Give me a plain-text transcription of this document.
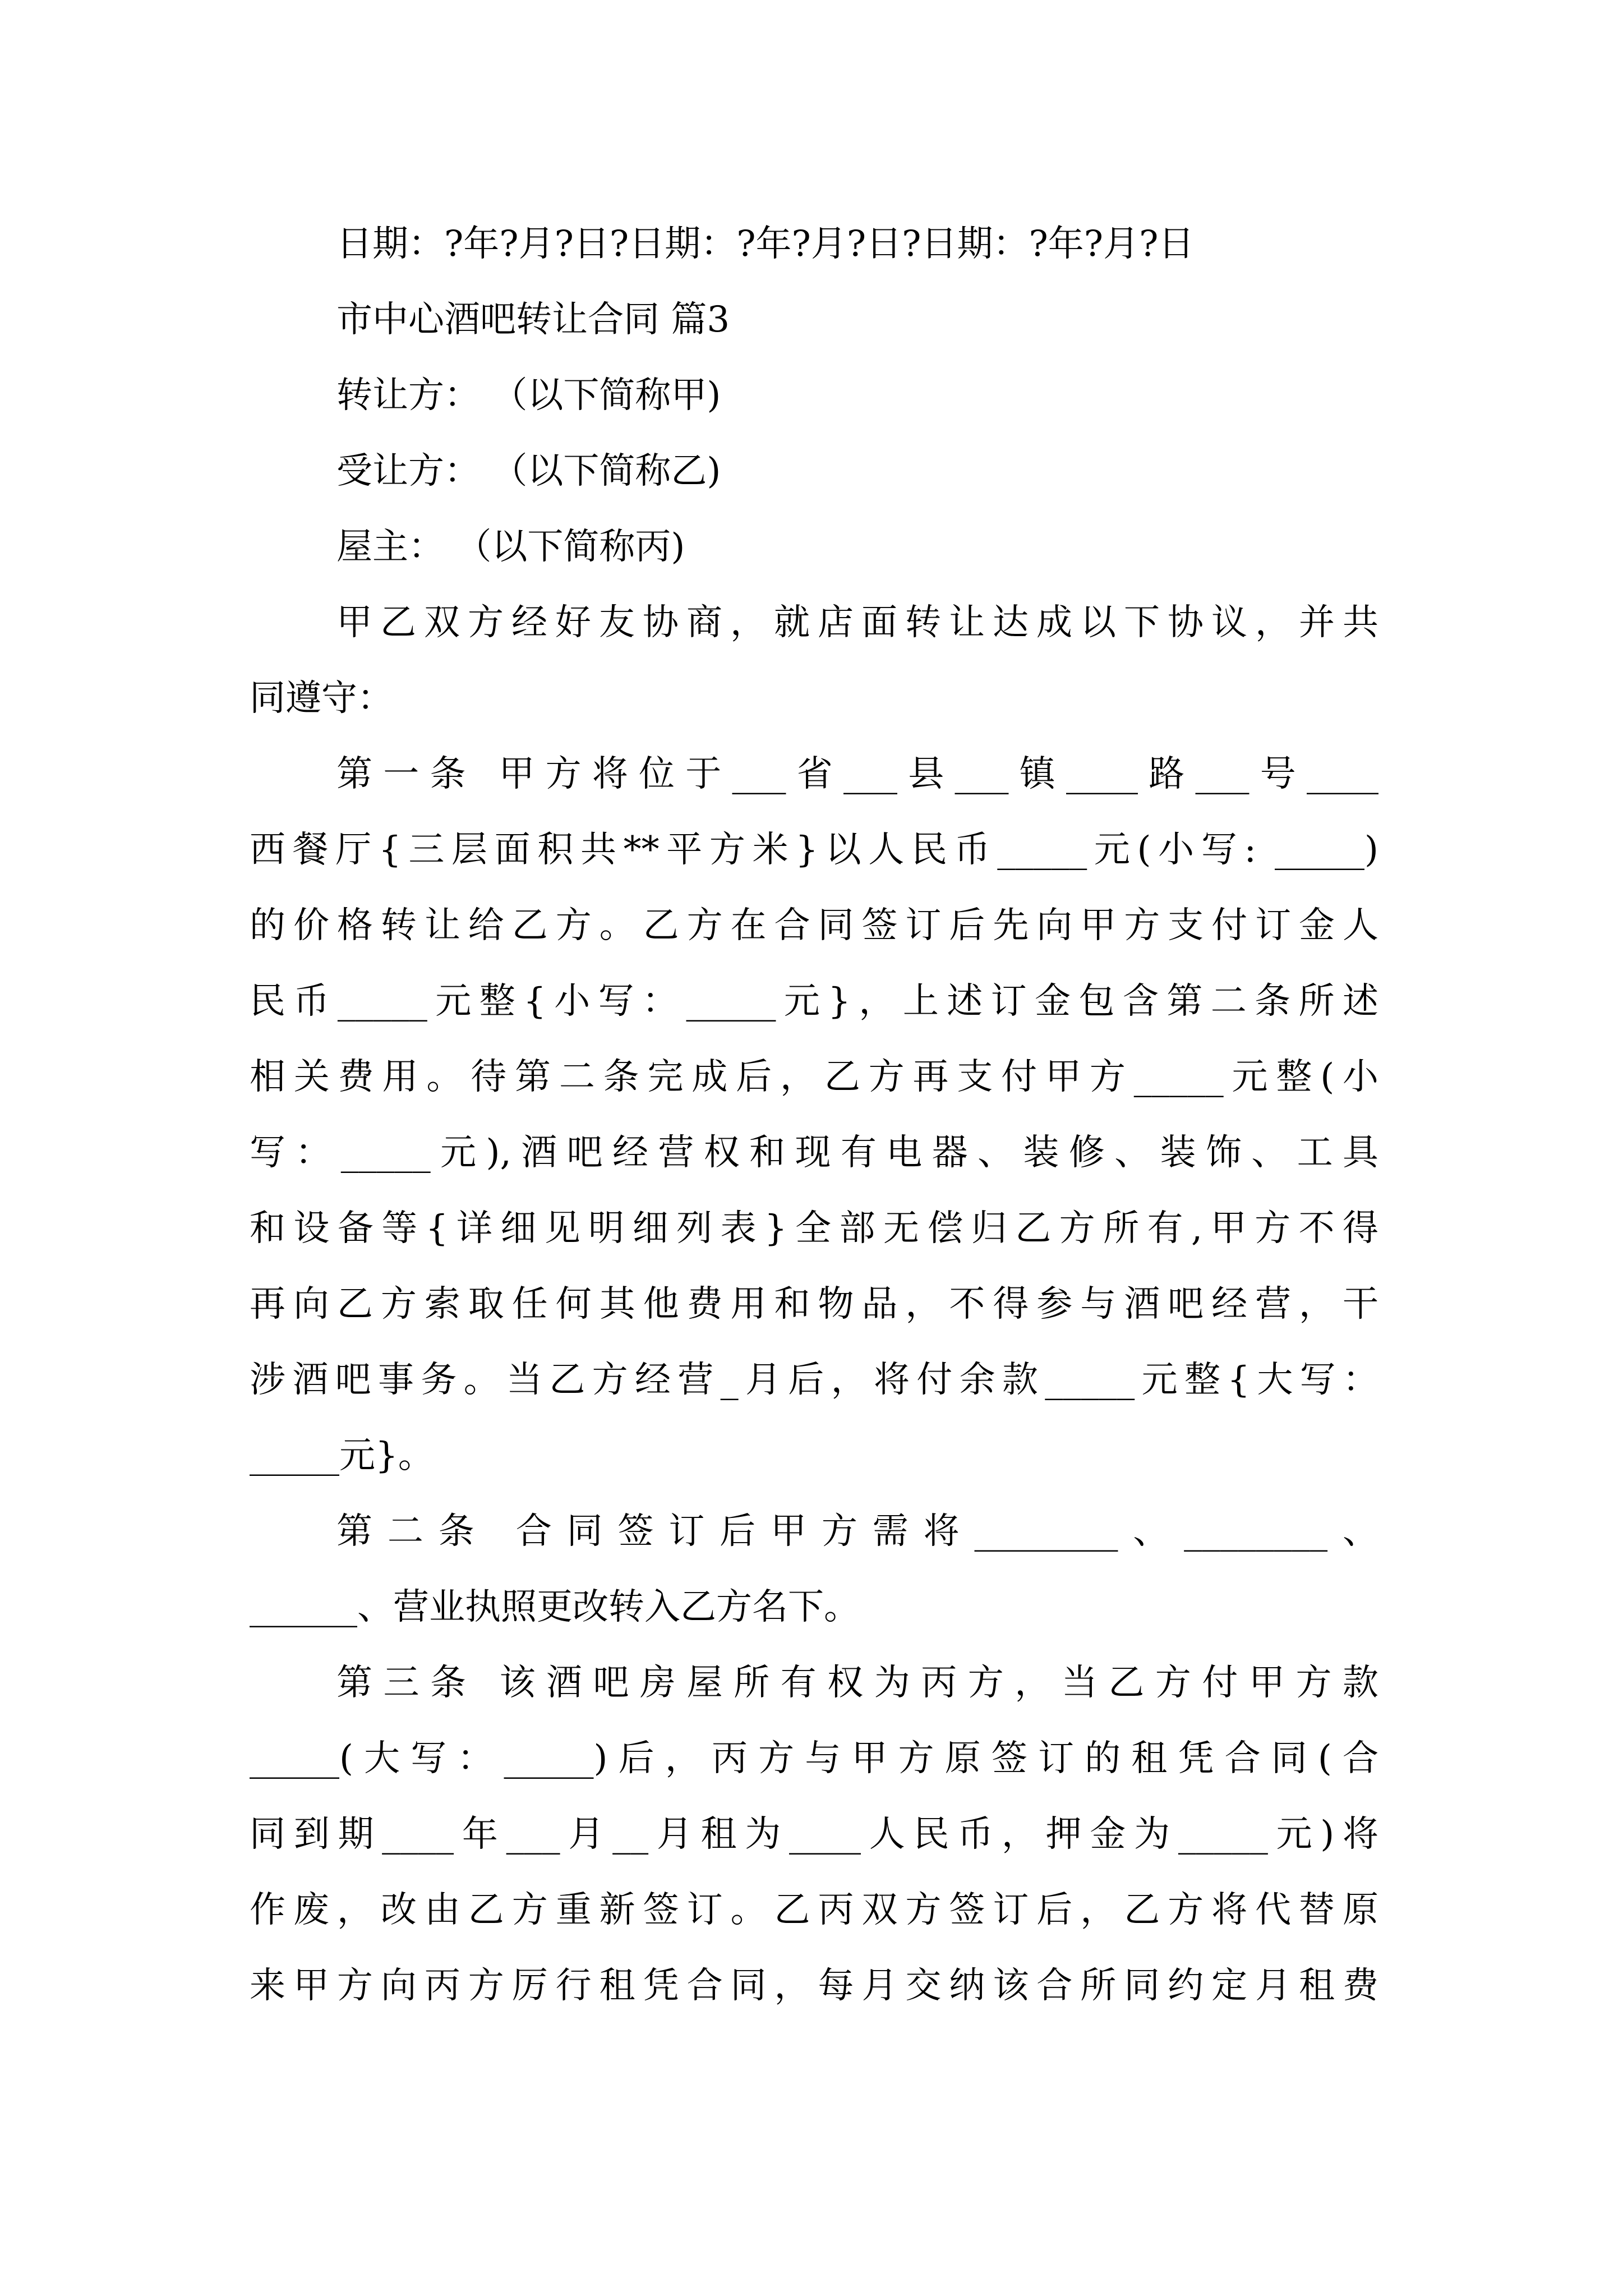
日期：?年?月?日?日期：?年?月?日?日期：?年?月?日

市中心酒吧转让合同 篇3

转让方： （以下简称甲)

受让方： （以下简称乙)

屋主： （以下简称丙)

甲乙双方经好友协商，就店面转让达成以下协议，并共

同遵守：

第一条 甲方将位于___省___县___镇____路___号____

西餐厅{三层面积共**平方米}以人民币_____元(小写: _____)

的价格转让给乙方。乙方在合同签订后先向甲方支付订金人

民币_____元整{小写：_____元}，上述订金包含第二条所述

相关费用。待第二条完成后，乙方再支付甲方_____元整(小

写：_____元),酒吧经营权和现有电器、装修、装饰、工具

和设备等{详细见明细列表}全部无偿归乙方所有,甲方不得

再向乙方索取任何其他费用和物品，不得参与酒吧经营，干

涉酒吧事务。当乙方经营_月后，将付余款_____元整{大写：

_____元}。

第二条 合同签订后甲方需将________、________、

______、营业执照更改转入乙方名下。

第三条 该酒吧房屋所有权为丙方，当乙方付甲方款

_____(大写：_____)后，丙方与甲方原签订的租凭合同(合

同到期____年___月__月租为____人民币，押金为_____元)将

作废，改由乙方重新签订。乙丙双方签订后，乙方将代替原

来甲方向丙方厉行租凭合同，每月交纳该合所同约定月租费
